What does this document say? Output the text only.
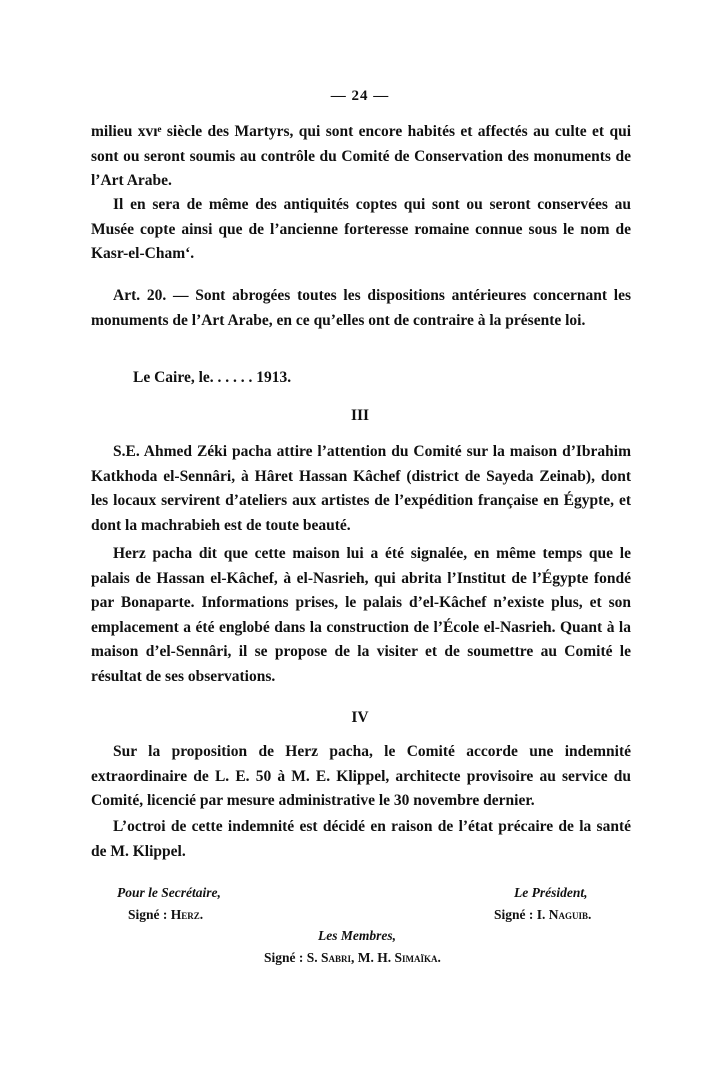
— 24 —

milieu xvıᵉ siècle des Martyrs, qui sont encore habités et affectés au culte et qui sont ou seront soumis au contrôle du Comité de Conservation des monuments de l’Art Arabe.

Il en sera de même des antiquités coptes qui sont ou seront conservées au Musée copte ainsi que de l’ancienne forteresse romaine connue sous le nom de Kasr-el-Cham‘.

Art. 20. — Sont abrogées toutes les dispositions antérieures concernant les monuments de l’Art Arabe, en ce qu’elles ont de contraire à la présente loi.

Le Caire, le. . . . . . 1913.
III

S.E. Ahmed Zéki pacha attire l’attention du Comité sur la maison d’Ibrahim Katkhoda el-Sennâri, à Hâret Hassan Kâchef (district de Sayeda Zeinab), dont les locaux servirent d’ateliers aux artistes de l’expédition française en Égypte, et dont la machrabieh est de toute beauté.

Herz pacha dit que cette maison lui a été signalée, en même temps que le palais de Hassan el-Kâchef, à el-Nasrieh, qui abrita l’Institut de l’Égypte fondé par Bonaparte. Informations prises, le palais d’el-Kâchef n’existe plus, et son emplacement a été englobé dans la construction de l’École el-Nasrieh. Quant à la maison d’el-Sennâri, il se propose de la visiter et de soumettre au Comité le résultat de ses observations.

IV

Sur la proposition de Herz pacha, le Comité accorde une indemnité extraordinaire de L. E. 50 à M. E. Klippel, architecte provisoire au service du Comité, licencié par mesure administrative le 30 novembre dernier.

L’octroi de cette indemnité est décidé en raison de l’état précaire de la santé de M. Klippel.

Pour le Secrétaire,
Signé : Herz.
Le Président,
Signé : I. Naguib.
Les Membres,
Signé : S. Sabri, M. H. Simaïka.
